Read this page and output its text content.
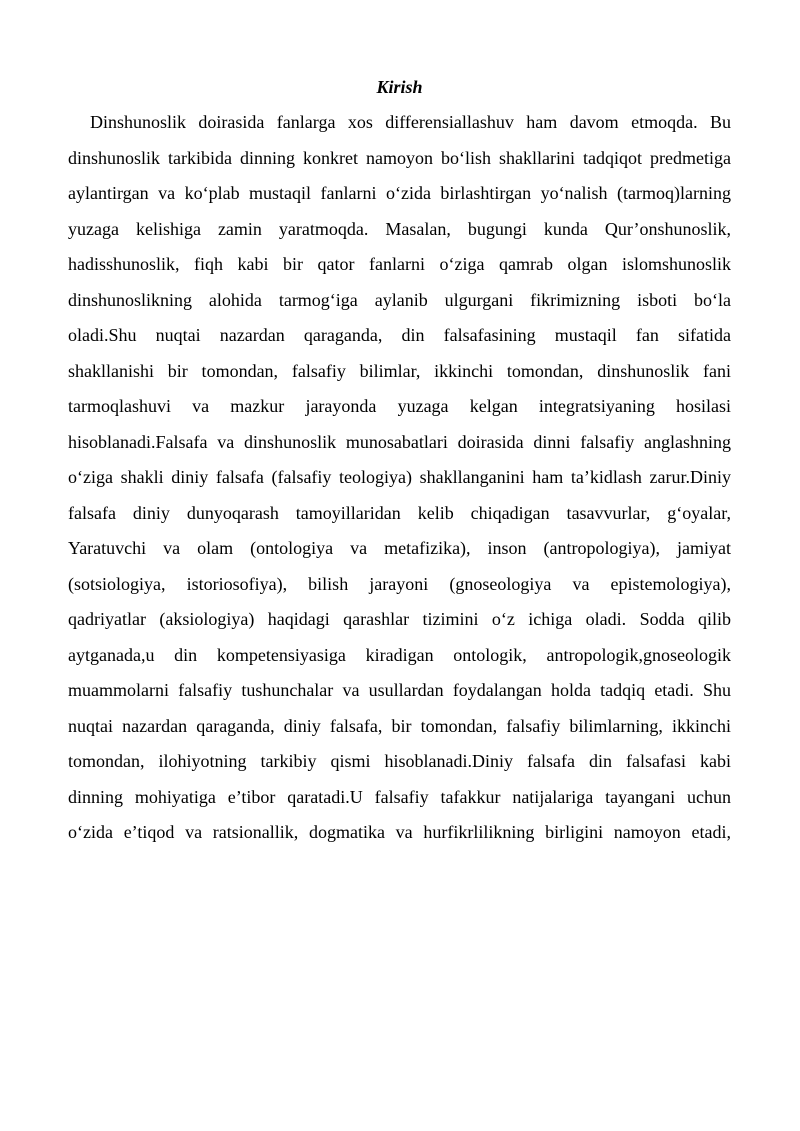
Kirish
Dinshunoslik doirasida fanlarga xos differensiallashuv ham davom etmoqda. Bu
dinshunoslik tarkibida dinning konkret namoyon bo‘lish shakllarini tadqiqot predmetiga
aylantirgan va ko‘plab mustaqil fanlarni o‘zida birlashtirgan yo‘nalish (tarmoq)larning
yuzaga kelishiga zamin yaratmoqda. Masalan, bugungi kunda Qur’onshunoslik,
hadisshunoslik, fiqh kabi bir qator fanlarni o‘ziga qamrab olgan islomshunoslik
dinshunoslikning alohida tarmog‘iga aylanib ulgurgani fikrimizning isboti bo‘la
oladi.Shu nuqtai nazardan qaraganda, din falsafasining mustaqil fan sifatida
shakllanishi bir tomondan, falsafiy bilimlar, ikkinchi tomondan, dinshunoslik fani
tarmoqlashuvi va mazkur jarayonda yuzaga kelgan integratsiyaning hosilasi
hisoblanadi.Falsafa va dinshunoslik munosabatlari doirasida dinni falsafiy anglashning
o‘ziga shakli diniy falsafa (falsafiy teologiya) shakllanganini ham ta’kidlash zarur.Diniy
falsafa diniy dunyoqarash tamoyillaridan kelib chiqadigan tasavvurlar, g‘oyalar,
Yaratuvchi va olam (ontologiya va metafizika), inson (antropologiya), jamiyat
(sotsiologiya, istoriosofiya), bilish jarayoni (gnoseologiya va epistemologiya),
qadriyatlar (aksiologiya) haqidagi qarashlar tizimini o‘z ichiga oladi. Sodda qilib
aytganada,u din kompetensiyasiga kiradigan ontologik, antropologik,gnoseologik
muammolarni falsafiy tushunchalar va usullardan foydalangan holda tadqiq etadi. Shu
nuqtai nazardan qaraganda, diniy falsafa, bir tomondan, falsafiy bilimlarning, ikkinchi
tomondan, ilohiyotning tarkibiy qismi hisoblanadi.Diniy falsafa din falsafasi kabi
dinning mohiyatiga e’tibor qaratadi.U falsafiy tafakkur natijalariga tayangani uchun
o‘zida e’tiqod va ratsionallik, dogmatika va hurfikrlilikning birligini namoyon etadi,
